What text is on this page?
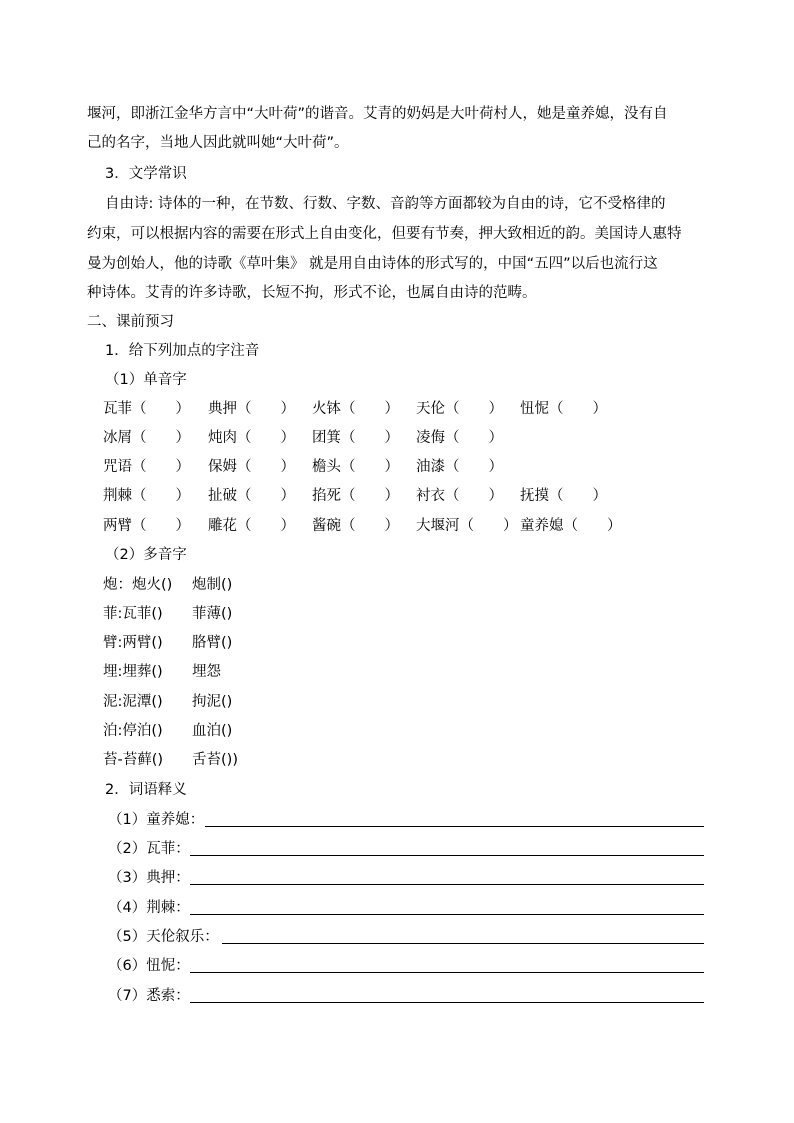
堰河，即浙江金华方言中“大叶荷”的谐音。艾青的奶妈是大叶荷村人，她是童养媳，没有自
己的名字，当地人因此就叫她“大叶荷”。
3．文学常识
自由诗: 诗体的一种，在节数、行数、字数、音韵等方面都较为自由的诗，它不受格律的
约束，可以根据内容的需要在形式上自由变化，但要有节奏，押大致相近的韵。美国诗人惠特
曼为创始人，他的诗歌《草叶集》 就是用自由诗体的形式写的，中国“五四”以后也流行这
种诗体。艾青的许多诗歌，长短不拘，形式不论，也属自由诗的范畴。
二、课前预习
1．给下列加点的字注音
（1）单音字
瓦菲（　　） 典押（　　） 火钵（　　） 天伦（　　） 忸怩（　　）
冰屑（　　） 炖肉（　　） 团箕（　　） 凌侮（　　）
咒语（　　） 保姆（　　） 檐头（　　） 油漆（　　）
荆棘（　　） 扯破（　　） 掐死（　　） 衬衣（　　） 抚摸（　　）
两臂（　　） 雕花（　　） 酱碗（　　） 大堰河（　　） 童养媳（　　）
（2）多音字
炮：炮火() 炮制()
菲:瓦菲() 菲薄()
臂:两臂() 胳臂()
埋:埋葬() 埋怨
泥:泥潭() 拘泥()
泊:停泊() 血泊()
苔-苔藓() 舌苔())
2．词语释义
（1）童养媳：
（2）瓦菲：
（3）典押：
（4）荆棘：
（5）天伦叙乐：
（6）忸怩：
（7）悉索：
